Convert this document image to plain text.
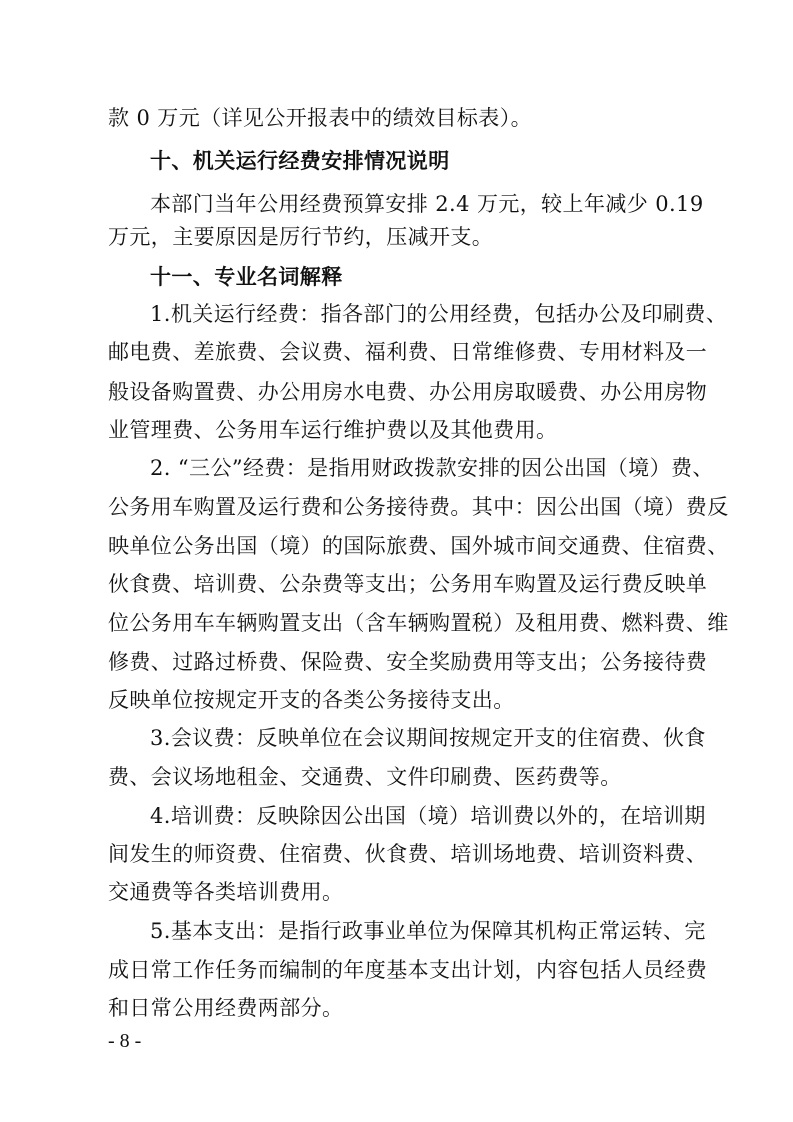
款 0 万元（详见公开报表中的绩效目标表）。
十、机关运行经费安排情况说明
本部门当年公用经费预算安排 2.4 万元，较上年减少 0.19
万元，主要原因是厉行节约，压减开支。
十一、专业名词解释
1.机关运行经费：指各部门的公用经费，包括办公及印刷费、
邮电费、差旅费、会议费、福利费、日常维修费、专用材料及一
般设备购置费、办公用房水电费、办公用房取暖费、办公用房物
业管理费、公务用车运行维护费以及其他费用。
2. “三公”经费：是指用财政拨款安排的因公出国（境）费、
公务用车购置及运行费和公务接待费。其中：因公出国（境）费反
映单位公务出国（境）的国际旅费、国外城市间交通费、住宿费、
伙食费、培训费、公杂费等支出；公务用车购置及运行费反映单
位公务用车车辆购置支出（含车辆购置税）及租用费、燃料费、维
修费、过路过桥费、保险费、安全奖励费用等支出；公务接待费
反映单位按规定开支的各类公务接待支出。
3.会议费：反映单位在会议期间按规定开支的住宿费、伙食
费、会议场地租金、交通费、文件印刷费、医药费等。
4.培训费：反映除因公出国（境）培训费以外的，在培训期
间发生的师资费、住宿费、伙食费、培训场地费、培训资料费、
交通费等各类培训费用。
5.基本支出：是指行政事业单位为保障其机构正常运转、完
成日常工作任务而编制的年度基本支出计划，内容包括人员经费
和日常公用经费两部分。
- 8 -
